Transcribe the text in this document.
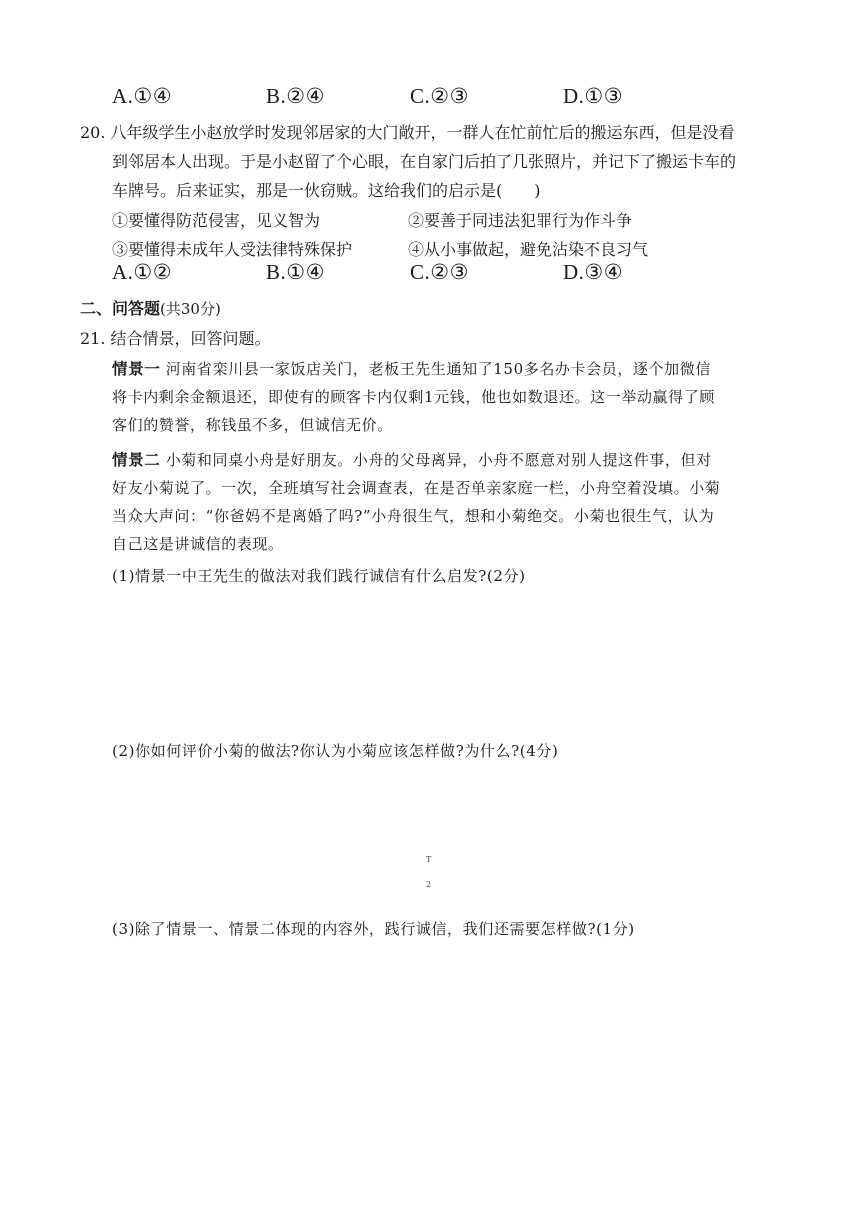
A.①④	B.②④	C.②③	D.①③
20. 八年级学生小赵放学时发现邻居家的大门敞开，一群人在忙前忙后的搬运东西，但是没看
到邻居本人出现。于是小赵留了个心眼，在自家门后拍了几张照片，并记下了搬运卡车的
车牌号。后来证实，那是一伙窃贼。这给我们的启示是(　　)
①要懂得防范侵害，见义智为	②要善于同违法犯罪行为作斗争
③要懂得未成年人受法律特殊保护	④从小事做起，避免沾染不良习气
A.①②	B.①④	C.②③	D.③④
二、问答题(共30分)
21. 结合情景，回答问题。
情景一 河南省栾川县一家饭店关门，老板王先生通知了150多名办卡会员，逐个加微信
将卡内剩余金额退还，即使有的顾客卡内仅剩1元钱，他也如数退还。这一举动赢得了顾
客们的赞誉，称钱虽不多，但诚信无价。
情景二 小菊和同桌小舟是好朋友。小舟的父母离异，小舟不愿意对别人提这件事，但对
好友小菊说了。一次，全班填写社会调查表，在是否单亲家庭一栏，小舟空着没填。小菊
当众大声问：“你爸妈不是离婚了吗?”小舟很生气，想和小菊绝交。小菊也很生气，认为
自己这是讲诚信的表现。
(1)情景一中王先生的做法对我们践行诚信有什么启发?(2分)
(2)你如何评价小菊的做法?你认为小菊应该怎样做?为什么?(4分)
T
2
(3)除了情景一、情景二体现的内容外，践行诚信，我们还需要怎样做?(1分)
